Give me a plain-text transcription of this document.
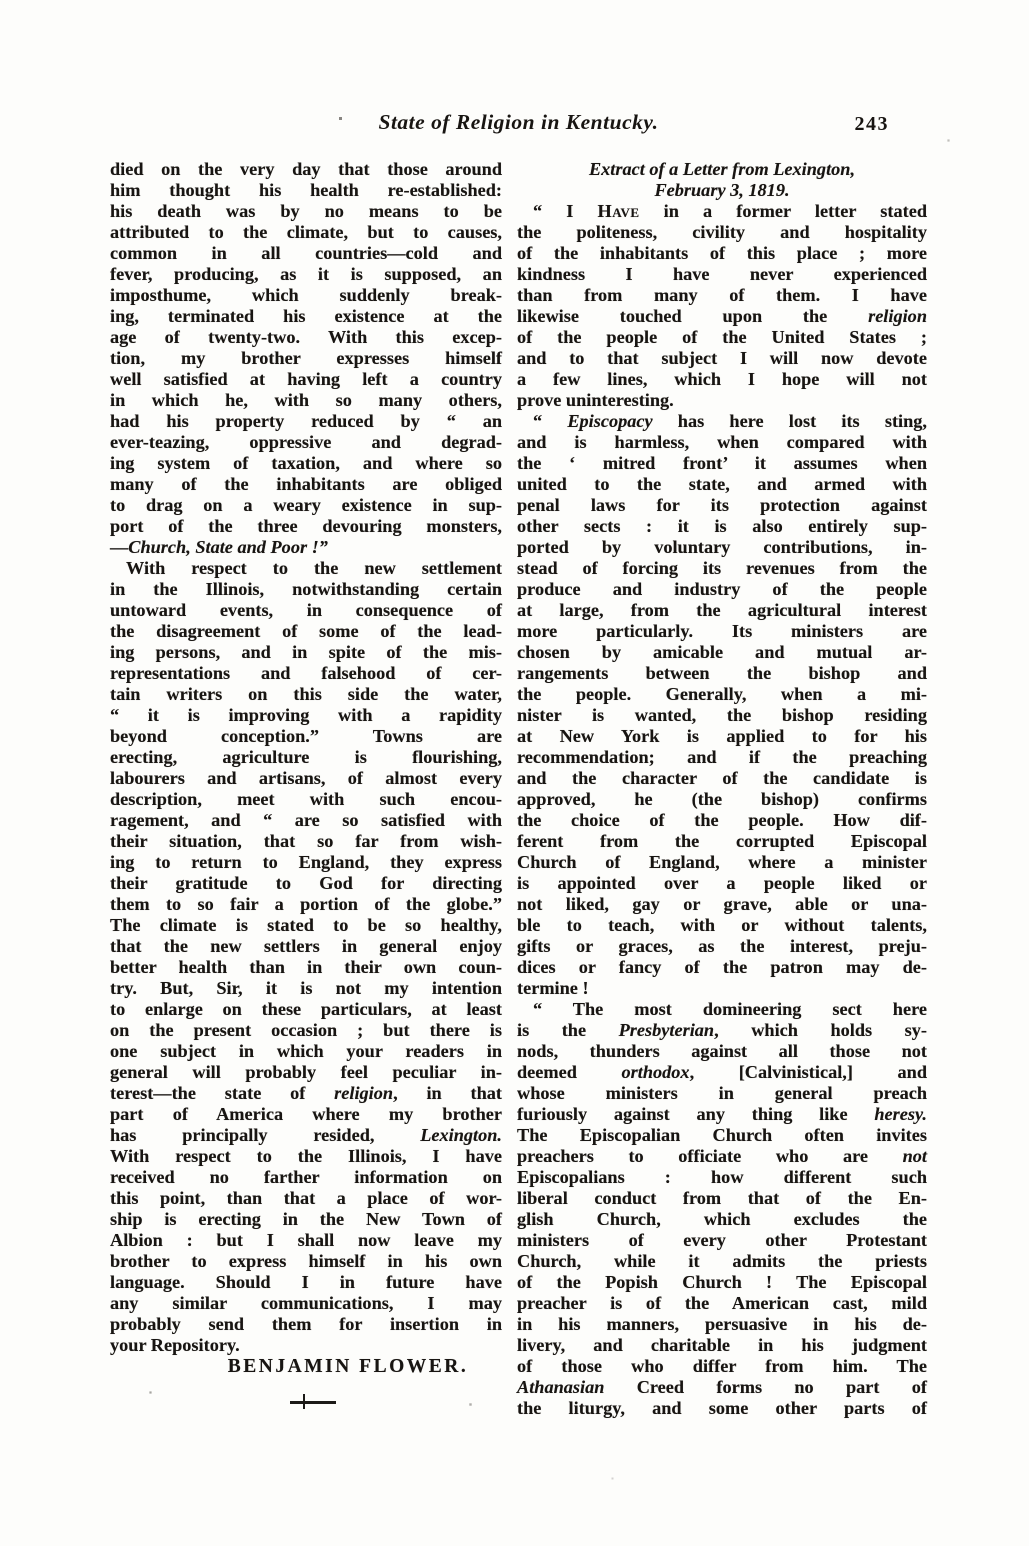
State of Religion in Kentucky.	243
died on the very day that those around
him thought his health re-established:
his death was by no means to be
attributed to the climate, but to causes,
common in all countries—cold and
fever, producing, as it is supposed, an
imposthume, which suddenly break-
ing, terminated his existence at the
age of twenty-two. With this excep-
tion, my brother expresses himself
well satisfied at having left a country
in which he, with so many others,
had his property reduced by “ an
ever-teazing, oppressive and degrad-
ing system of taxation, and where so
many of the inhabitants are obliged
to drag on a weary existence in sup-
port of the three devouring monsters,
—Church, State and Poor !”
With respect to the new settlement
in the Illinois, notwithstanding certain
untoward events, in consequence of
the disagreement of some of the lead-
ing persons, and in spite of the mis-
representations and falsehood of cer-
tain writers on this side the water,
“ it is improving with a rapidity
beyond conception.” Towns are
erecting, agriculture is flourishing,
labourers and artisans, of almost every
description, meet with such encou-
ragement, and “ are so satisfied with
their situation, that so far from wish-
ing to return to England, they express
their gratitude to God for directing
them to so fair a portion of the globe.”
The climate is stated to be so healthy,
that the new settlers in general enjoy
better health than in their own coun-
try. But, Sir, it is not my intention
to enlarge on these particulars, at least
on the present occasion ; but there is
one subject in which your readers in
general will probably feel peculiar in-
terest—the state of religion, in that
part of America where my brother
has principally resided, Lexington.
With respect to the Illinois, I have
received no farther information on
this point, than that a place of wor-
ship is erecting in the New Town of
Albion : but I shall now leave my
brother to express himself in his own
language. Should I in future have
any similar communications, I may
probably send them for insertion in
your Repository.
BENJAMIN FLOWER.
Extract of a Letter from Lexington,
February 3, 1819.
“ I Have in a former letter stated
the politeness, civility and hospitality
of the inhabitants of this place ; more
kindness I have never experienced
than from many of them. I have
likewise touched upon the religion
of the people of the United States ;
and to that subject I will now devote
a few lines, which I hope will not
prove uninteresting.
“ Episcopacy has here lost its sting,
and is harmless, when compared with
the ‘ mitred front’ it assumes when
united to the state, and armed with
penal laws for its protection against
other sects : it is also entirely sup-
ported by voluntary contributions, in-
stead of forcing its revenues from the
produce and industry of the people
at large, from the agricultural interest
more particularly. Its ministers are
chosen by amicable and mutual ar-
rangements between the bishop and
the people. Generally, when a mi-
nister is wanted, the bishop residing
at New York is applied to for his
recommendation; and if the preaching
and the character of the candidate is
approved, he (the bishop) confirms
the choice of the people. How dif-
ferent from the corrupted Episcopal
Church of England, where a minister
is appointed over a people liked or
not liked, gay or grave, able or una-
ble to teach, with or without talents,
gifts or graces, as the interest, preju-
dices or fancy of the patron may de-
termine !
“ The most domineering sect here
is the Presbyterian, which holds sy-
nods, thunders against all those not
deemed orthodox, [Calvinistical,] and
whose ministers in general preach
furiously against any thing like heresy.
The Episcopalian Church often invites
preachers to officiate who are not
Episcopalians : how different such
liberal conduct from that of the En-
glish Church, which excludes the
ministers of every other Protestant
Church, while it admits the priests
of the Popish Church ! The Episcopal
preacher is of the American cast, mild
in his manners, persuasive in his de-
livery, and charitable in his judgment
of those who differ from him. The
Athanasian Creed forms no part of
the liturgy, and some other parts of
